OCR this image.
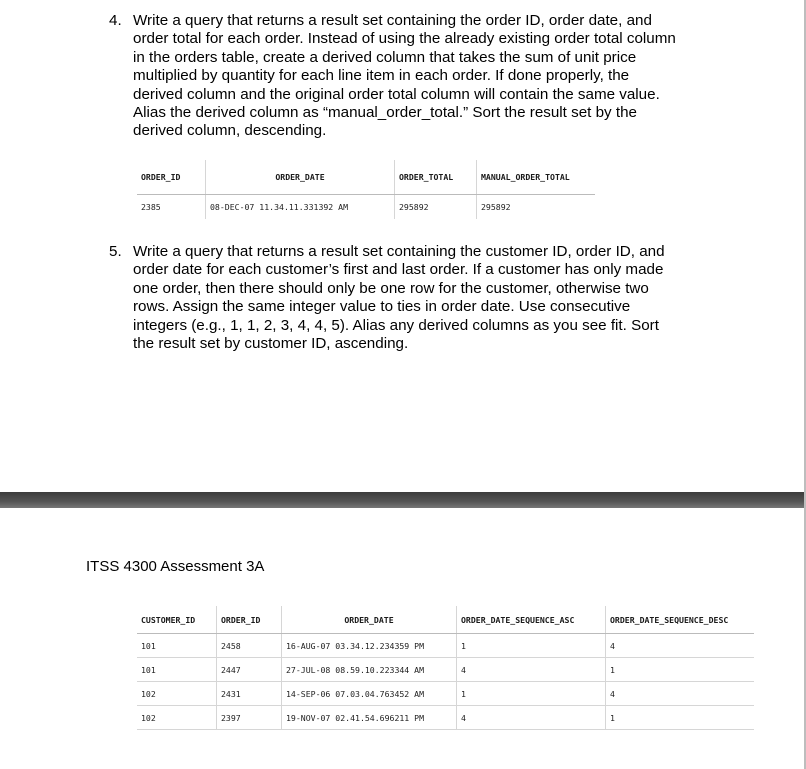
4. Write a query that returns a result set containing the order ID, order date, and
order total for each order. Instead of using the already existing order total column
in the orders table, create a derived column that takes the sum of unit price
multiplied by quantity for each line item in each order. If done properly, the
derived column and the original order total column will contain the same value.
Alias the derived column as “manual_order_total.” Sort the result set by the
derived column, descending.
ORDER_ID	ORDER_DATE	ORDER_TOTAL	MANUAL_ORDER_TOTAL
2385	08-DEC-07 11.34.11.331392 AM	295892	295892
5. Write a query that returns a result set containing the customer ID, order ID, and
order date for each customer’s first and last order. If a customer has only made
one order, then there should only be one row for the customer, otherwise two
rows. Assign the same integer value to ties in order date. Use consecutive
integers (e.g., 1, 1, 2, 3, 4, 4, 5). Alias any derived columns as you see fit. Sort
the result set by customer ID, ascending.
ITSS 4300 Assessment 3A
CUSTOMER_ID	ORDER_ID	ORDER_DATE	ORDER_DATE_SEQUENCE_ASC	ORDER_DATE_SEQUENCE_DESC
101	2458	16-AUG-07 03.34.12.234359 PM	1	4
101	2447	27-JUL-08 08.59.10.223344 AM	4	1
102	2431	14-SEP-06 07.03.04.763452 AM	1	4
102	2397	19-NOV-07 02.41.54.696211 PM	4	1
